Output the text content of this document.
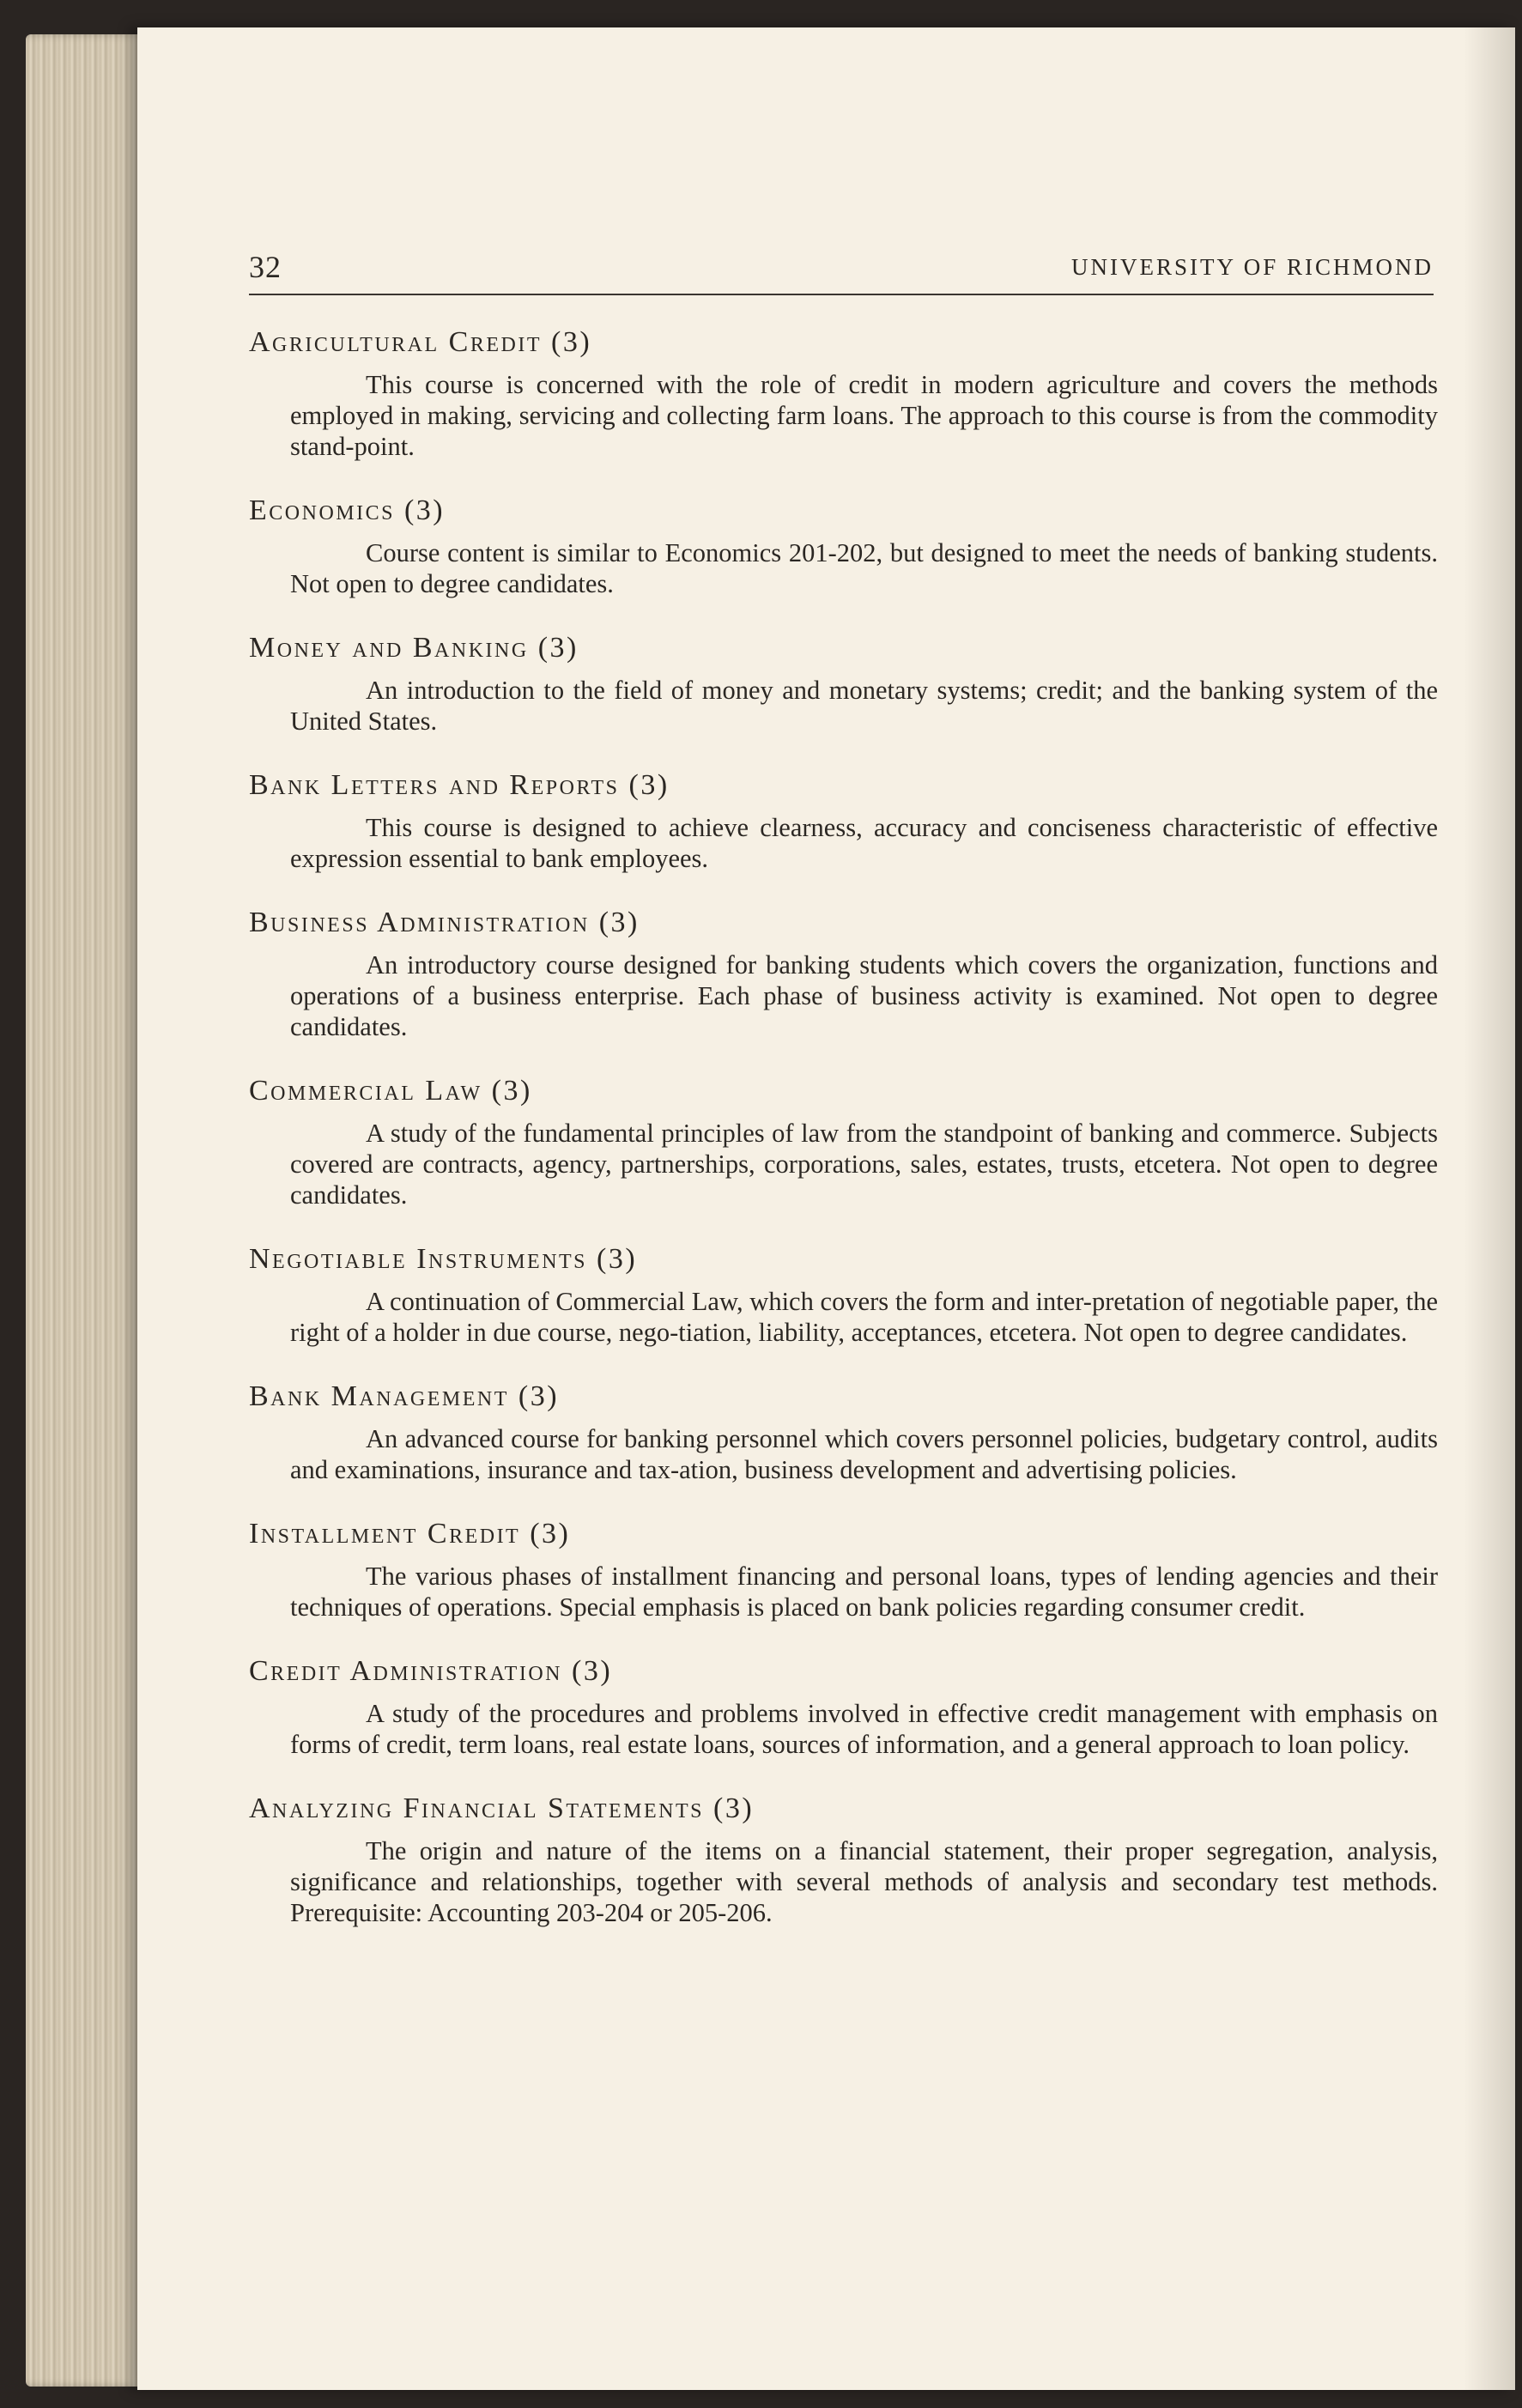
32	UNIVERSITY OF RICHMOND
Agricultural Credit (3)
This course is concerned with the role of credit in modern agriculture and covers the methods employed in making, servicing and collecting farm loans. The approach to this course is from the commodity stand-point.
Economics (3)
Course content is similar to Economics 201-202, but designed to meet the needs of banking students. Not open to degree candidates.
Money and Banking (3)
An introduction to the field of money and monetary systems; credit; and the banking system of the United States.
Bank Letters and Reports (3)
This course is designed to achieve clearness, accuracy and conciseness characteristic of effective expression essential to bank employees.
Business Administration (3)
An introductory course designed for banking students which covers the organization, functions and operations of a business enterprise. Each phase of business activity is examined. Not open to degree candidates.
Commercial Law (3)
A study of the fundamental principles of law from the standpoint of banking and commerce. Subjects covered are contracts, agency, partnerships, corporations, sales, estates, trusts, etcetera. Not open to degree candidates.
Negotiable Instruments (3)
A continuation of Commercial Law, which covers the form and inter-pretation of negotiable paper, the right of a holder in due course, nego-tiation, liability, acceptances, etcetera. Not open to degree candidates.
Bank Management (3)
An advanced course for banking personnel which covers personnel policies, budgetary control, audits and examinations, insurance and tax-ation, business development and advertising policies.
Installment Credit (3)
The various phases of installment financing and personal loans, types of lending agencies and their techniques of operations. Special emphasis is placed on bank policies regarding consumer credit.
Credit Administration (3)
A study of the procedures and problems involved in effective credit management with emphasis on forms of credit, term loans, real estate loans, sources of information, and a general approach to loan policy.
Analyzing Financial Statements (3)
The origin and nature of the items on a financial statement, their proper segregation, analysis, significance and relationships, together with several methods of analysis and secondary test methods. Prerequisite: Accounting 203-204 or 205-206.
